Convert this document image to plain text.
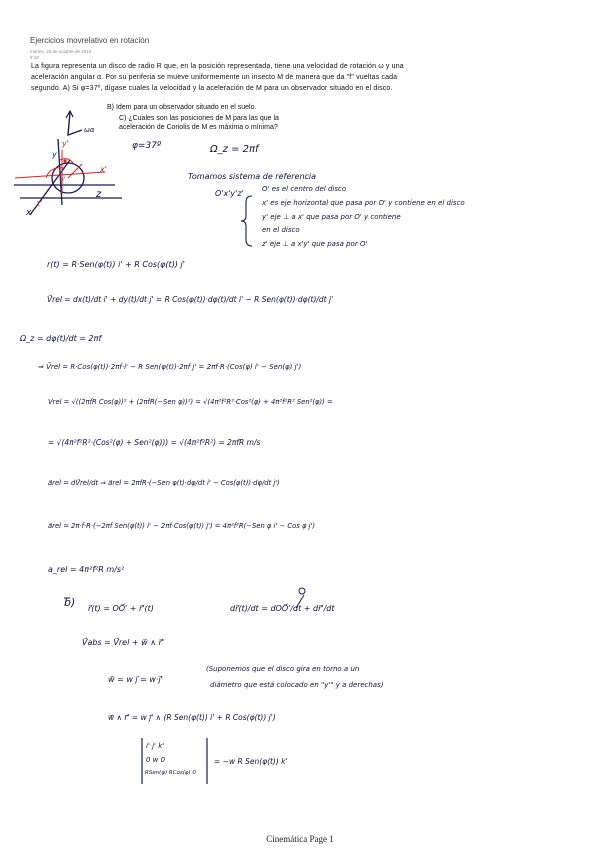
Ejercicios movrelativo en rotación
martes, 26 de octubre de 2010
9:18
La figura representa un disco de radio R que, en la posición representada, tiene una velocidad de rotación ω y una aceleración angular α. Por su periferia se mueve uniformemente un insecto M de manera que da "f" vueltas cada segundo. A) Si φ=37º, dígase cuales la velocidad y la aceleración de M para un observador situado en el disco.
B) Idem para un observador situado en el suelo.
C) ¿Cuales son las posiciones de M para las que la aceleración de Coriolis de M es máxima o mínima?
ωα
y'
y
x'
z'
z
x
o'
φ=37º	Ω_z = 2πf
Tomamos sistema de referencia
O'x'y'z'	O' es el centro del disco
x' es eje horizontal que pasa por O' y contiene en el disco
y' eje ⊥ a x' que pasa por O' y contiene
en el disco
z' eje ⊥ a x'y' que pasa por O'
r(t) = R·Sen(φ(t)) i' + R Cos(φ(t)) j'
V⃗rel = dx(t)/dt i' + dy(t)/dt j' = R Cos(φ(t))·dφ(t)/dt i' − R Sen(φ(t))·dφ(t)/dt j'
Ω_z = dφ(t)/dt = 2πf
⇒ V⃗rel = R·Cos(φ(t))·2πf·i' − R Sen(φ(t))·2πf j' = 2πf·R·(Cos(φ) i' − Sen(φ) j')
Vrel = √((2πfR Cos(φ))² + (2πfR(−Sen φ))²) = √(4π²f²R²·Cos²(φ) + 4π²f²R² Sen²(φ)) =
= √(4π²f²R²·(Cos²(φ) + Sen²(φ))) = √(4π²f²R²) = 2πfR m/s
a⃗rel = dV⃗rel/dt ⇒ a⃗rel = 2πfR·(−Sen φ(t)·dφ/dt i' − Cos(φ(t))·dφ/dt j')
a⃗rel = 2π·f·R·(−2πf Sen(φ(t)) i' − 2πf·Cos(φ(t)) j') = 4π²f²R(−Sen φ i' − Cos φ j')
a_rel = 4π²f²R m/s²
b) r⃗(t) = OO⃗' + r⃗'(t)	dr⃗(t)/dt = dOO⃗'/dt + dr⃗'/dt
V⃗abs = V⃗rel + w⃗ ∧ r⃗'
w⃗ = w j⃗ = w·j⃗'
(Suponemos que el disco gira en torno a un
diámetro que está colocado en "y'" y a derechas)
w⃗ ∧ r⃗' = w j⃗' ∧ (R Sen(φ(t)) i' + R Cos(φ(t)) j')
i' j' k'
0 w 0
RSen(φ) RCos(φ) 0
= −w R Sen(φ(t)) k'
Cinemática Page 1
